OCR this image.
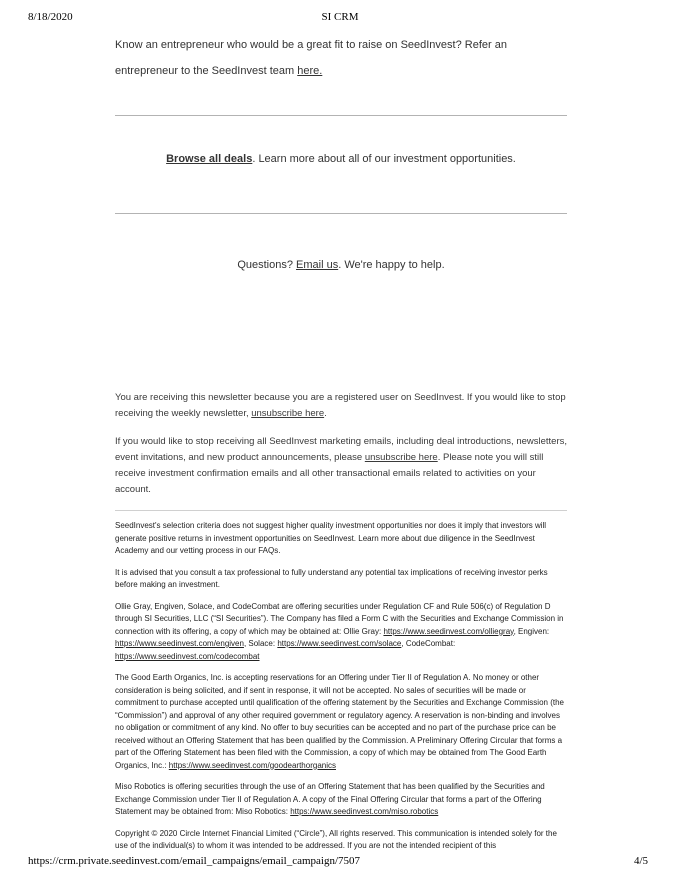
8/18/2020	SI CRM

Know an entrepreneur who would be a great fit to raise on SeedInvest? Refer an entrepreneur to the SeedInvest team here.

Browse all deals. Learn more about all of our investment opportunities.

Questions? Email us. We're happy to help.

You are receiving this newsletter because you are a registered user on SeedInvest. If you would like to stop receiving the weekly newsletter, unsubscribe here.

If you would like to stop receiving all SeedInvest marketing emails, including deal introductions, newsletters, event invitations, and new product announcements, please unsubscribe here. Please note you will still receive investment confirmation emails and all other transactional emails related to activities on your account.

SeedInvest's selection criteria does not suggest higher quality investment opportunities nor does it imply that investors will generate positive returns in investment opportunities on SeedInvest. Learn more about due diligence in the SeedInvest Academy and our vetting process in our FAQs.

It is advised that you consult a tax professional to fully understand any potential tax implications of receiving investor perks before making an investment.

Ollie Gray, Engiven, Solace, and CodeCombat are offering securities under Regulation CF and Rule 506(c) of Regulation D through SI Securities, LLC (“SI Securities”). The Company has filed a Form C with the Securities and Exchange Commission in connection with its offering, a copy of which may be obtained at: Ollie Gray: https://www.seedinvest.com/olliegray, Engiven: https://www.seedinvest.com/engiven, Solace: https://www.seedinvest.com/solace, CodeCombat: https://www.seedinvest.com/codecombat

The Good Earth Organics, Inc. is accepting reservations for an Offering under Tier II of Regulation A. No money or other consideration is being solicited, and if sent in response, it will not be accepted. No sales of securities will be made or commitment to purchase accepted until qualification of the offering statement by the Securities and Exchange Commission (the “Commission”) and approval of any other required government or regulatory agency. A reservation is non-binding and involves no obligation or commitment of any kind. No offer to buy securities can be accepted and no part of the purchase price can be received without an Offering Statement that has been qualified by the Commission. A Preliminary Offering Circular that forms a part of the Offering Statement has been filed with the Commission, a copy of which may be obtained from The Good Earth Organics, Inc.: https://www.seedinvest.com/goodearthorganics

Miso Robotics is offering securities through the use of an Offering Statement that has been qualified by the Securities and Exchange Commission under Tier II of Regulation A. A copy of the Final Offering Circular that forms a part of the Offering Statement may be obtained from: Miso Robotics: https://www.seedinvest.com/miso.robotics

Copyright © 2020 Circle Internet Financial Limited (“Circle”), All rights reserved. This communication is intended solely for the use of the individual(s) to whom it was intended to be addressed. If you are not the intended recipient of this

https://crm.private.seedinvest.com/email_campaigns/email_campaign/7507	4/5
